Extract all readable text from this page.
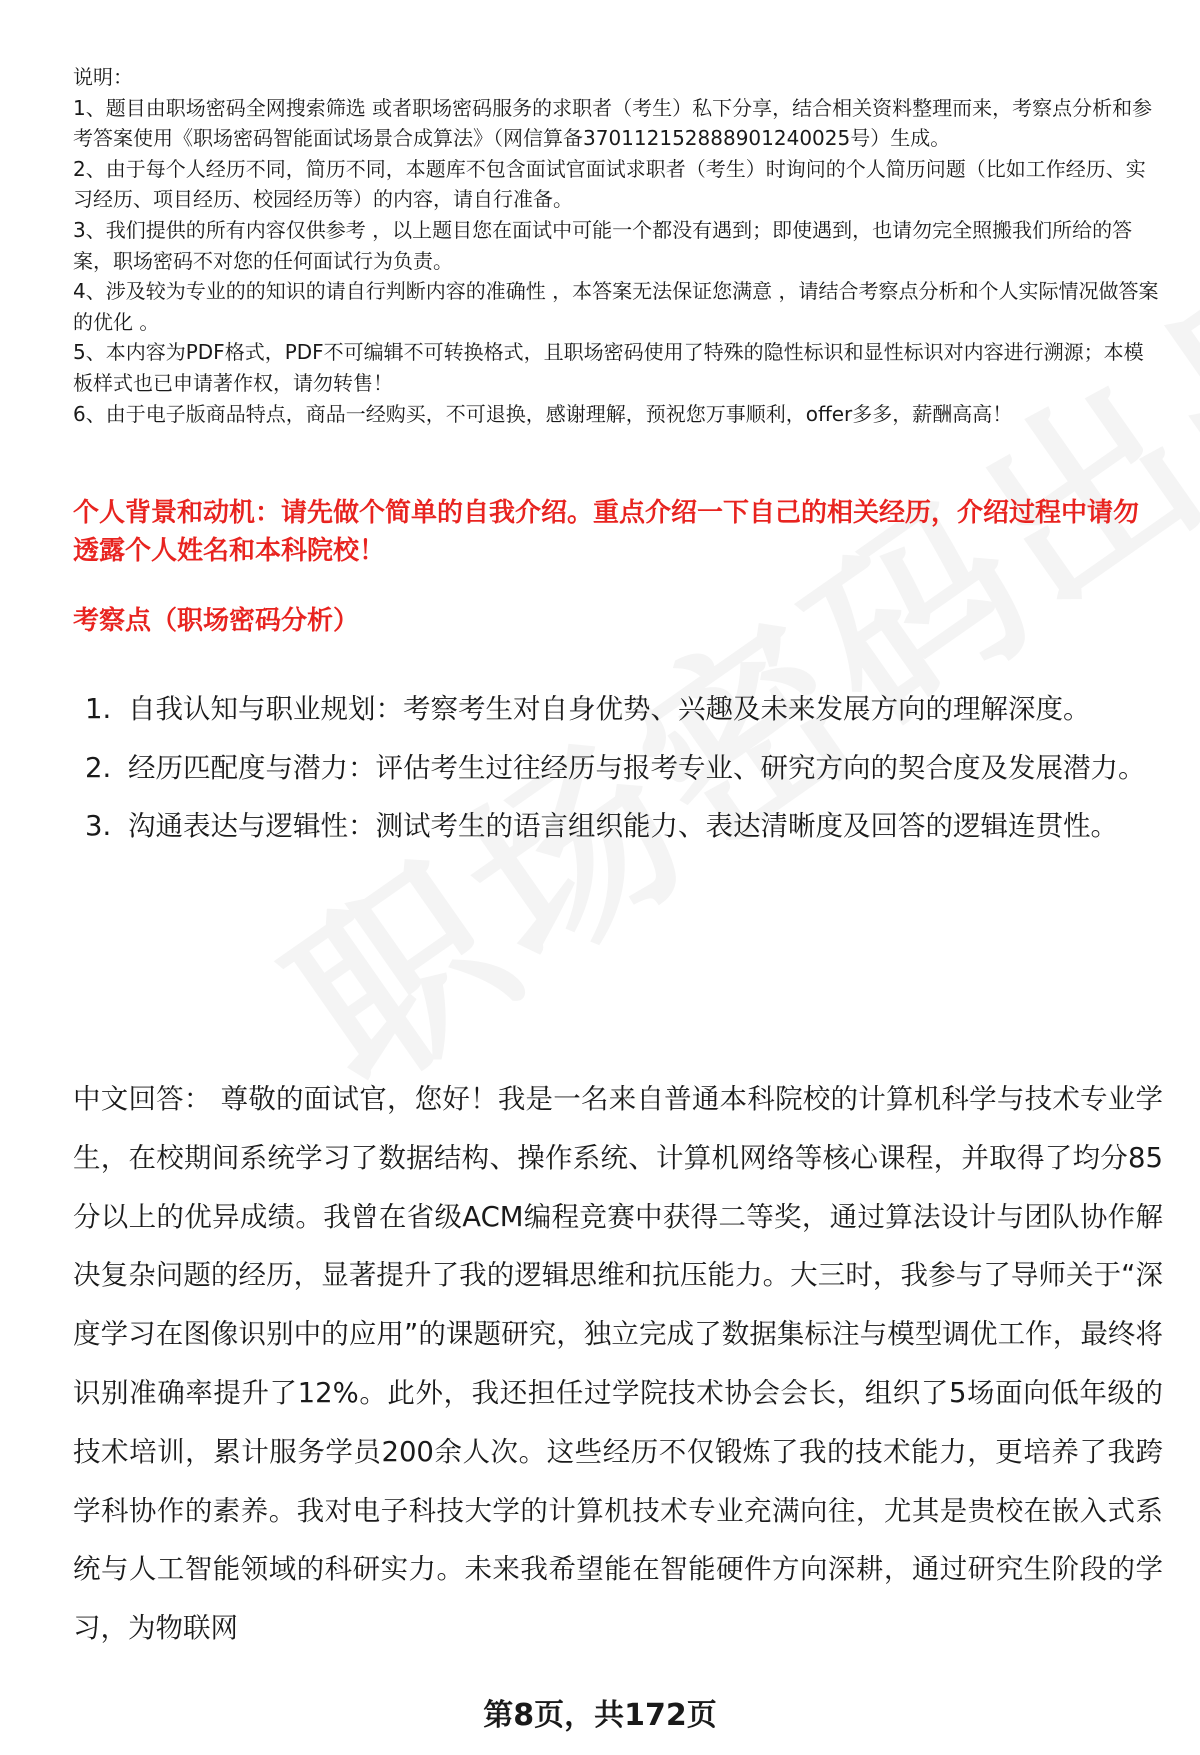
说明：

1、题目由职场密码全网搜索筛选 或者职场密码服务的求职者（考生）私下分享，结合相关资料整理而来，考察点分析和参考答案使用《职场密码智能面试场景合成算法》（网信算备370112152888901240025号）生成。

2、由于每个人经历不同，简历不同，本题库不包含面试官面试求职者（考生）时询问的个人简历问题（比如工作经历、实习经历、项目经历、校园经历等）的内容，请自行准备。

3、我们提供的所有内容仅供参考 ，以上题目您在面试中可能一个都没有遇到；即使遇到，也请勿完全照搬我们所给的答案，职场密码不对您的任何面试行为负责。

4、涉及较为专业的的知识的请自行判断内容的准确性 ，本答案无法保证您满意 ，请结合考察点分析和个人实际情况做答案的优化 。

5、本内容为PDF格式，PDF不可编辑不可转换格式，且职场密码使用了特殊的隐性标识和显性标识对内容进行溯源；本模板样式也已申请著作权，请勿转售！

6、由于电子版商品特点，商品一经购买，不可退换，感谢理解，预祝您万事顺利，offer多多，薪酬高高！

个人背景和动机：请先做个简单的自我介绍。重点介绍一下自己的相关经历，介绍过程中请勿透露个人姓名和本科院校！
考察点（职场密码分析）
1. 自我认知与职业规划：考察考生对自身优势、兴趣及未来发展方向的理解深度。
2. 经历匹配度与潜力：评估考生过往经历与报考专业、研究方向的契合度及发展潜力。
3. 沟通表达与逻辑性：测试考生的语言组织能力、表达清晰度及回答的逻辑连贯性。

中文回答： 尊敬的面试官，您好！我是一名来自普通本科院校的计算机科学与技术专业学生，在校期间系统学习了数据结构、操作系统、计算机网络等核心课程，并取得了均分85分以上的优异成绩。我曾在省级ACM编程竞赛中获得二等奖，通过算法设计与团队协作解决复杂问题的经历，显著提升了我的逻辑思维和抗压能力。大三时，我参与了导师关于“深度学习在图像识别中的应用”的课题研究，独立完成了数据集标注与模型调优工作，最终将识别准确率提升了12%。此外，我还担任过学院技术协会会长，组织了5场面向低年级的技术培训，累计服务学员200余人次。这些经历不仅锻炼了我的技术能力，更培养了我跨学科协作的素养。我对电子科技大学的计算机技术专业充满向往，尤其是贵校在嵌入式系统与人工智能领域的科研实力。未来我希望能在智能硬件方向深耕，通过研究生阶段的学习，为物联网

第8页，共172页
